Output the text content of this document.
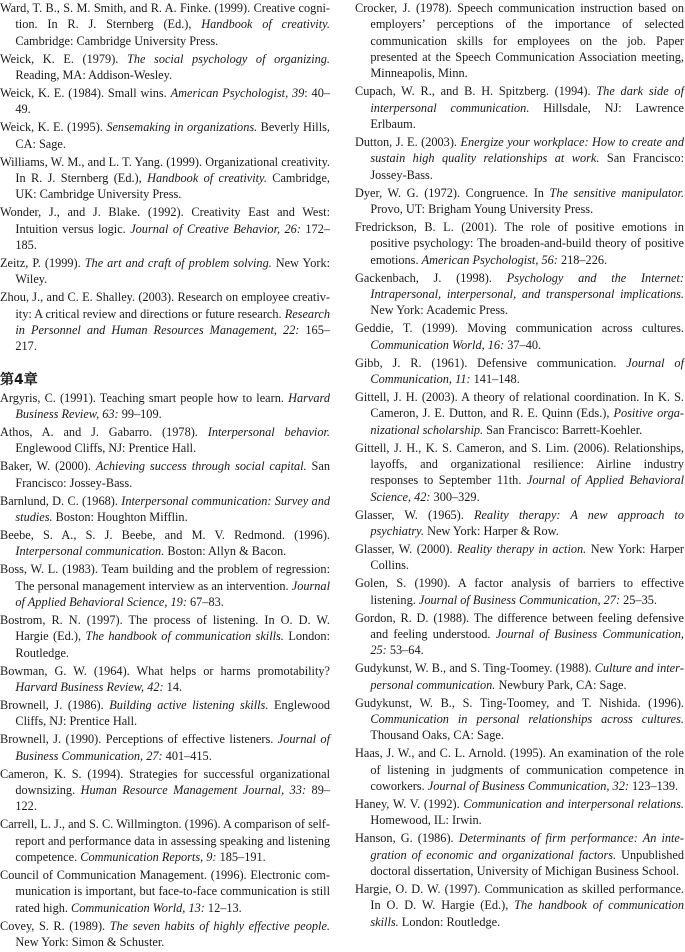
Ward, T. B., S. M. Smith, and R. A. Finke. (1999). Creative cognition. In R. J. Sternberg (Ed.), Handbook of creativity. Cambridge: Cambridge University Press.
Weick, K. E. (1979). The social psychology of organizing. Reading, MA: Addison-Wesley.
Weick, K. E. (1984). Small wins. American Psychologist, 39: 40–49.
Weick, K. E. (1995). Sensemaking in organizations. Beverly Hills, CA: Sage.
Williams, W. M., and L. T. Yang. (1999). Organizational creativity. In R. J. Sternberg (Ed.), Handbook of creativity. Cambridge, UK: Cambridge University Press.
Wonder, J., and J. Blake. (1992). Creativity East and West: Intuition versus logic. Journal of Creative Behavior, 26: 172–185.
Zeitz, P. (1999). The art and craft of problem solving. New York: Wiley.
Zhou, J., and C. E. Shalley. (2003). Research on employee creativity: A critical review and directions or future research. Research in Personnel and Human Resources Management, 22: 165–217.
第4章
Argyris, C. (1991). Teaching smart people how to learn. Harvard Business Review, 63: 99–109.
Athos, A. and J. Gabarro. (1978). Interpersonal behavior. Englewood Cliffs, NJ: Prentice Hall.
Baker, W. (2000). Achieving success through social capital. San Francisco: Jossey-Bass.
Barnlund, D. C. (1968). Interpersonal communication: Survey and studies. Boston: Houghton Mifflin.
Beebe, S. A., S. J. Beebe, and M. V. Redmond. (1996). Interpersonal communication. Boston: Allyn & Bacon.
Boss, W. L. (1983). Team building and the problem of regression: The personal management interview as an intervention. Journal of Applied Behavioral Science, 19: 67–83.
Bostrom, R. N. (1997). The process of listening. In O. D. W. Hargie (Ed.), The handbook of communication skills. London: Routledge.
Bowman, G. W. (1964). What helps or harms promotability? Harvard Business Review, 42: 14.
Brownell, J. (1986). Building active listening skills. Englewood Cliffs, NJ: Prentice Hall.
Brownell, J. (1990). Perceptions of effective listeners. Journal of Business Communication, 27: 401–415.
Cameron, K. S. (1994). Strategies for successful organizational downsizing. Human Resource Management Journal, 33: 89–122.
Carrell, L. J., and S. C. Willmington. (1996). A comparison of self-report and performance data in assessing speaking and listening competence. Communication Reports, 9: 185–191.
Council of Communication Management. (1996). Electronic communication is important, but face-to-face communication is still rated high. Communication World, 13: 12–13.
Covey, S. R. (1989). The seven habits of highly effective people. New York: Simon & Schuster.
Crocker, J. (1978). Speech communication instruction based on employers’ perceptions of the importance of selected communication skills for employees on the job. Paper presented at the Speech Communication Association meeting, Minneapolis, Minn.
Cupach, W. R., and B. H. Spitzberg. (1994). The dark side of interpersonal communication. Hillsdale, NJ: Lawrence Erlbaum.
Dutton, J. E. (2003). Energize your workplace: How to create and sustain high quality relationships at work. San Francisco: Jossey-Bass.
Dyer, W. G. (1972). Congruence. In The sensitive manipulator. Provo, UT: Brigham Young University Press.
Fredrickson, B. L. (2001). The role of positive emotions in positive psychology: The broaden-and-build theory of positive emotions. American Psychologist, 56: 218–226.
Gackenbach, J. (1998). Psychology and the Internet: Intrapersonal, interpersonal, and transpersonal implications. New York: Academic Press.
Geddie, T. (1999). Moving communication across cultures. Communication World, 16: 37–40.
Gibb, J. R. (1961). Defensive communication. Journal of Communication, 11: 141–148.
Gittell, J. H. (2003). A theory of relational coordination. In K. S. Cameron, J. E. Dutton, and R. E. Quinn (Eds.), Positive organizational scholarship. San Francisco: Barrett-Koehler.
Gittell, J. H., K. S. Cameron, and S. Lim. (2006). Relationships, layoffs, and organizational resilience: Airline industry responses to September 11th. Journal of Applied Behavioral Science, 42: 300–329.
Glasser, W. (1965). Reality therapy: A new approach to psychiatry. New York: Harper & Row.
Glasser, W. (2000). Reality therapy in action. New York: Harper Collins.
Golen, S. (1990). A factor analysis of barriers to effective listening. Journal of Business Communication, 27: 25–35.
Gordon, R. D. (1988). The difference between feeling defensive and feeling understood. Journal of Business Communication, 25: 53–64.
Gudykunst, W. B., and S. Ting-Toomey. (1988). Culture and interpersonal communication. Newbury Park, CA: Sage.
Gudykunst, W. B., S. Ting-Toomey, and T. Nishida. (1996). Communication in personal relationships across cultures. Thousand Oaks, CA: Sage.
Haas, J. W., and C. L. Arnold. (1995). An examination of the role of listening in judgments of communication competence in coworkers. Journal of Business Communication, 32: 123–139.
Haney, W. V. (1992). Communication and interpersonal relations. Homewood, IL: Irwin.
Hanson, G. (1986). Determinants of firm performance: An integration of economic and organizational factors. Unpublished doctoral dissertation, University of Michigan Business School.
Hargie, O. D. W. (1997). Communication as skilled performance. In O. D. W. Hargie (Ed.), The handbook of communication skills. London: Routledge.
